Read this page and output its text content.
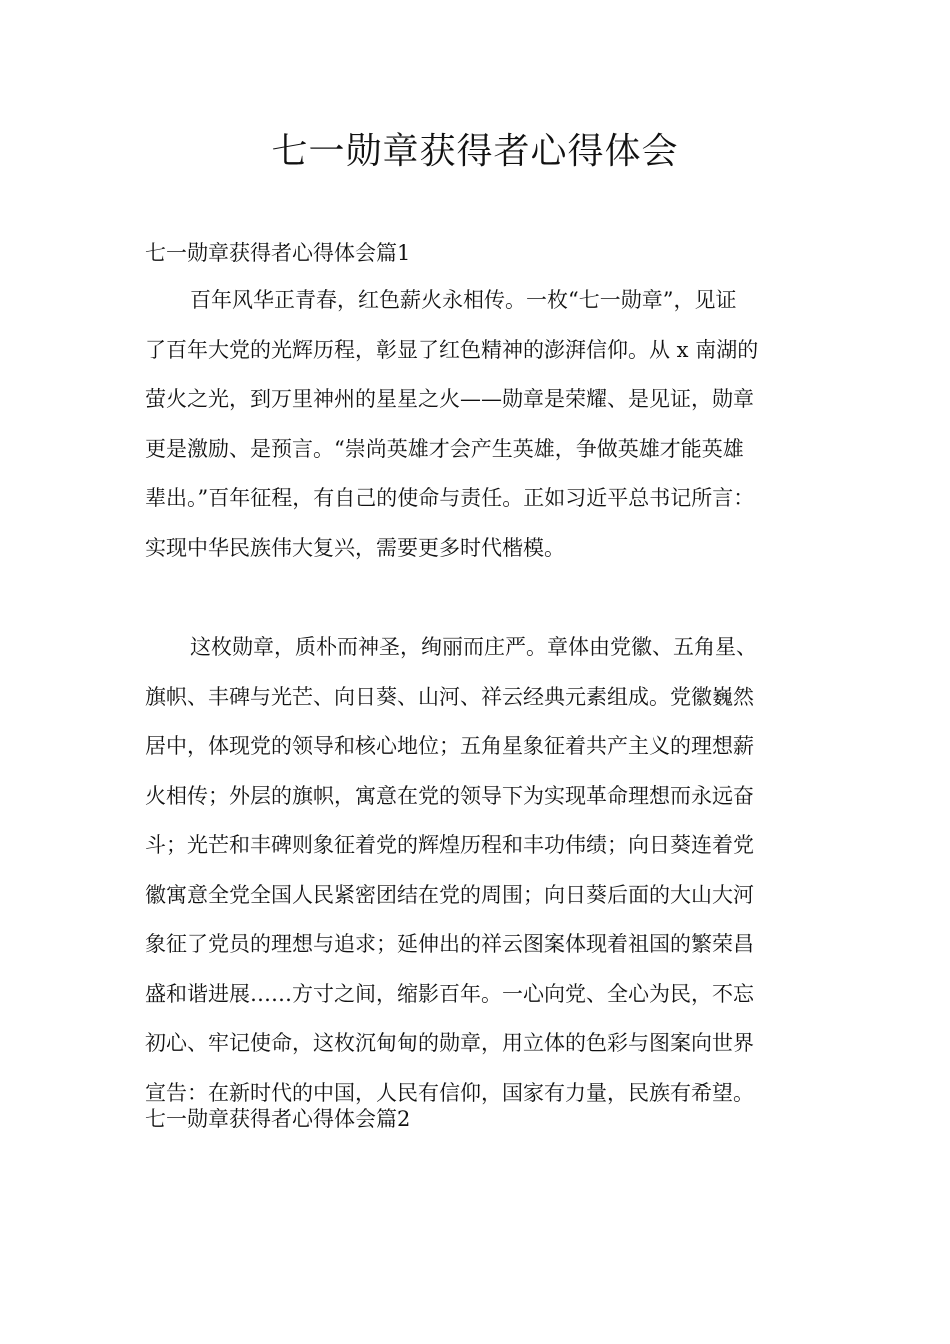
七一勋章获得者心得体会

七一勋章获得者心得体会篇1

百年风华正青春，红色薪火永相传。一枚“七一勋章”，见证
了百年大党的光辉历程，彰显了红色精神的澎湃信仰。从 x 南湖的
萤火之光，到万里神州的星星之火——勋章是荣耀、是见证，勋章
更是激励、是预言。“崇尚英雄才会产生英雄，争做英雄才能英雄
辈出。”百年征程，有自己的使命与责任。正如习近平总书记所言：
实现中华民族伟大复兴，需要更多时代楷模。
这枚勋章，质朴而神圣，绚丽而庄严。章体由党徽、五角星、
旗帜、丰碑与光芒、向日葵、山河、祥云经典元素组成。党徽巍然
居中，体现党的领导和核心地位；五角星象征着共产主义的理想薪
火相传；外层的旗帜，寓意在党的领导下为实现革命理想而永远奋
斗；光芒和丰碑则象征着党的辉煌历程和丰功伟绩；向日葵连着党
徽寓意全党全国人民紧密团结在党的周围；向日葵后面的大山大河
象征了党员的理想与追求；延伸出的祥云图案体现着祖国的繁荣昌
盛和谐进展……方寸之间，缩影百年。一心向党、全心为民，不忘
初心、牢记使命，这枚沉甸甸的勋章，用立体的色彩与图案向世界
宣告：在新时代的中国，人民有信仰，国家有力量，民族有希望。

七一勋章获得者心得体会篇2
